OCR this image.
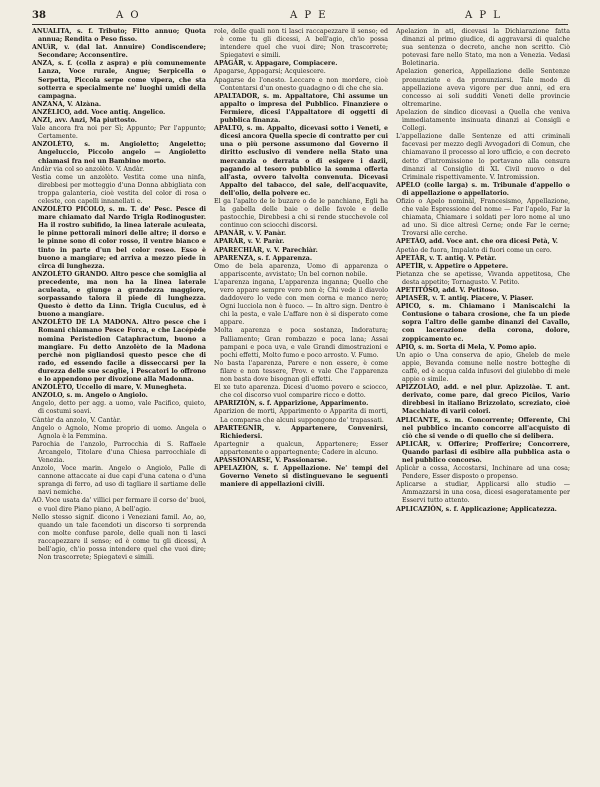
38	A O	A P E	A P L

ANUALITÀ, s. f. Tributo; Fitto annuo; Quota annua; Rendita o Peso fisso.

ANUìR, v. (dal lat. Annuire) Condiscendere; Secondare; Acconsentire.

ANZA, s. f. (colla z aspra) e più comunemente Lanza, Voce rurale, Angue; Serpicella o Serpetta, Piccola serpe come vipera, che sta sotterra e specialmente ne' luoghi umidi della campagna.

ANZANA, V. Alzàna.

ANZÈLICO, add. Voce antiq. Angelico.

ANZI, avv. Anzi, Ma piuttosto.

Vale ancora fra noi per Sì; Appunto; Per l'appunto; Certamente.

ANZOLÈTO, s. m. Angioletto; Angeletto; Angeluccio, Piccolo angelo — Angioletto chiamasi fra noi un Bambino morto.

Andàr via col so anzolèto. V. Andàr.

Vestìa come un anzolèto. Vestita come una ninfa, direbbesi per motteggio d'una Donna abbigliata con troppa galanteria, cioè vestita del color di rosa o celeste, con capelli innanellati e.

ANZOLÈTO PICOLO, s. m. T. de' Pesc. Pesce di mare chiamato dal Nardo Trigla Rodinoguster. Ha il rostro subifido, la linea laterale aculeata, le pinne pettorali minori delle altre; il dorso e le pinne sono di color rosso, il ventre bianco e tinto in parte d'un bel color roseo. Esso è buono a mangiare; ed arriva a mezzo piede in circa di lunghezza.

ANZOLÈTO GRANDO. Altro pesce che somiglia al precedente, ma non ha la linea laterale aculeata, e giunge a grandezza maggiore, sorpassando talora il piede di lunghezza. Questo è detto da Linn. Trigla Cuculus, ed è buono a mangiare.

ANZOLÈTO DE LA MADONA. Altro pesce che i Romani chiamano Pesce Forca, e che Lacépède nomina Peristedion Cataphractum, buono a mangiare. Fu detto Anzolèto de la Madona perchè non pigliandosi questo pesce che di rado, ed essendo facile a disseccarsi per la durezza delle sue scaglie, i Pescatori lo offrono e lo appendono per divozione alla Madonna.

ANZOLÈTO, Uccello di mare, V. Munegheta.

ANZOLO, s. m. Angelo o Angiolo.

Angelo, detto per agg. a uomo, vale Pacifico, quieto, di costumi soavi.

Càntàr da anzolo, V. Cantàr.

Angelo o Agnolo, Nome proprio di uomo. Angela o Agnola è la Femmina.

Parochia de l'anzolo, Parrocchia di S. Raffaele Arcangelo, Titolare d'una Chiesa parrocchiale di Venezia.

Anzolo, Voce marin. Angelo o Angiolo, Palle di cannone attaccate ai due capi d'una catena o d'una spranga di ferro, ad uso di tagliare il sartiame delle navi nemiche.

AO. Voce usata da' villici per fermare il corso de' buoi, e vuol dire Piano piano, A bell'agio.

Nello stesso signif. dicono i Veneziani famil. Ao, ao, quando un tale facendoti un discorso ti sorprenda con molte confuse parole, delle quali non ti lasci raccapezzare il senso; ed è come tu gli dicessi, A bell'agio, ch'io possa intendere quel che vuoi dire; Non trascorrete; Spiegatevi e simili.

role, delle quali non ti lasci raccapezzare il senso; ed è come tu gli dicessi, A bell'agio, ch'io possa intendere quel che vuoi dire; Non trascorrete; Spiegatevi e simili.

APAGÀR, v. Appagare, Compiacere.

Apagarse, Appagarsi; Acquiescere.

Apagarse de l'onesto. Leccare e non mordere, cioè Contentarsi d'un onesto guadagno o di che che sia.

APALTADOR, s. m. Appaltatore, Chi assume un appalto o impresa del Pubblico. Finanziere o Fermiere, dicesi l'Appaltatore di oggetti di pubblica finanza.

APALTO, s. m. Appalto, dicevasi sotto i Veneti, e dicesi ancora Quella specie di contratto per cui una o più persone assumono dal Governo il diritto esclusivo di vendere nella Stato una mercanzia o derrata o di esigere i dazii, pagando al tesoro pubblico la somma offerta all'asta, ovvero talvolta convenuta. Dicevasi Appalto del tabacco, del sale, dell'acquavite, dell'olio, della polvere ec.

El ga l'apalto de le buzare o de le panchiane, Egli ha la gabella delle baie o delle favole e delle pastocchie, Direbbesi a chi si rende stucchevole col continuo con sciocchi discorsi.

APANÀR, v. V. Panàr.

APARÀR, v. V. Paràr.

APARECHIÀR, v. V. Parechiàr.

APARENZA, s. f. Apparenza.

Omo de bela aparenza, Uomo di apparenza o appariscente, avvistato; Un bel cornon nobile.

L'aparenza ingana, L'apparenza inganna; Quello che vero appare sempre vero non è; Chi vede il diavolo daddovero lo vede con men corna e manco nero; Ogni lucciola non è fuoco. — In altro sign. Dentro è chi la pesta, e vale L'affare non è si disperato come appare.

Molta aparenza e poca sostanza, Indoratura; Palliamento; Gran rombazzo e poca lana; Assai pampani e poca uva, e vale Grandi dimostrazioni e pochi effetti, Molto fumo e poco arrosto. V. Fumo.

No basta l'aparenza, Parere e non essere, è come filare e non tessere, Prov. e vale Che l'apparenza non basta dove bisognan gli effetti.

El xe tuto aparenza. Dicesi d'uomo povero e sciocco, che col discorso vuol comparire ricco e dotto.

APARIZIÒN, s. f. Apparizione, Apparimento.

Aparizion de morti, Apparimento o Apparita di morti, La comparsa che alcuni suppongono de' trapassati.

APARTEGNÌR, v. Appartenere, Convenirsi, Richiedersi.

Apartegnir a qualcun, Appartenere; Esser appartenente o appartegnente; Cadere in alcuno.

APASSIONARSE, V. Passionarse.

APELAZIÒN, s. f. Appellazione. Ne' tempi del Governo Veneto si distinguevano le seguenti maniere di appellazioni civili.

Apelazion in ati, dicevasi la Dichiarazione fatta dinanzi al primo giudice, di aggravarsi di qualche sua sentenza o decreto, anche non scritto. Ciò potevasi fare nello Stato, ma non a Venezia. Vedasi Boletinaria.

Apelazion generica, Appellazione delle Sentenze pronunziate e da pronunziarsi. Tale modo di appellazione aveva vigore per due anni, ed era concesso ai soli sudditi Veneti delle provincie oltremarine.

Apelazion de sindico dicevasi a Quella che veniva immediatamente insinuata dinanzi ai Consigli e Collegi.

L'appellazione dalle Sentenze ed atti criminali facevasi per mezzo degli Avvogadori di Comun, che chiamavano il processo al loro ufficio, e con decreto detto d'intromissione lo portavano alla censura dinanzi al Consiglio di XL Civil nuovo o del Criminale rispettivamente. V. Intromission.

APÈLO (colle larga) s. m. Tribunale d'appello o di appellazione o appellatorio.

Ofizio o Apelo nominàl, Francesismo, Appellazione, che vale Espressione del nome — Far l'apelo, Far la chiamata, Chiamare i soldati per loro nome al uno ad uno. Si dice altresì Cerne; onde Far le cerne; Trovarsi alle cerche.

APETÀO, add. Voce ant. che ora dicesi Petà, V.

Apetào de fuora, Impalato di fuori come un cero.

APETÀR, v. T. antiq. V. Petàr.

APETÌR, v. Appetire o Appetere.

Pietanza che se apetisse, Vivanda appetitosa, Che desta appetito; Tornagusto. V. Petìto.

APETITÒSO, add. V. Petitoso.

APIASÈR, v. T. antiq. Piacere, V. Piaser.

APICO, s. m. Chiamano i Maniscalchi la Contusione o tabara crosione, che fa un piede sopra l'altro delle gambe dinanzi del Cavallo, con lacerazione della corona, dolore, zoppicamento ec.

APIO, s. m. Sorta di Mela, V. Pomo apio.

Un apio o Una conserva de apio, Gheleb de mele appie, Bevanda comune nelle nostre botteghe di caffè, ed è acqua calda infusovi del giulebbo di mele appie o simile.

APIZZOLÀO, add. e nel plur. Apizzolàe. T. ant. derivato, come pare, dal greco Picilos, Vario direbbesi in italiano Brizzolato, screziato, cioè Macchiato di varii colori.

APLICANTE, s. m. Concorrente; Offerente, Chi nel pubblico incanto concorre all'acquisto di ciò che si vende o di quello che si delibera.

APLICÀR, v. Offerire; Profferire; Concorrere, Quando parlasi di esibire alla pubblica asta o nel pubblico concorso.

Aplicàr a cossa, Accostarsi, Inchinare ad una cosa; Pendere, Esser disposto o propenso.

Aplicarse a studiar, Applicarsi allo studio — Ammazzarsi in una cosa, dicesi esageratamente per Esservi tutto attento.

APLICAZIÒN, s. f. Applicazione; Applicatezza.
